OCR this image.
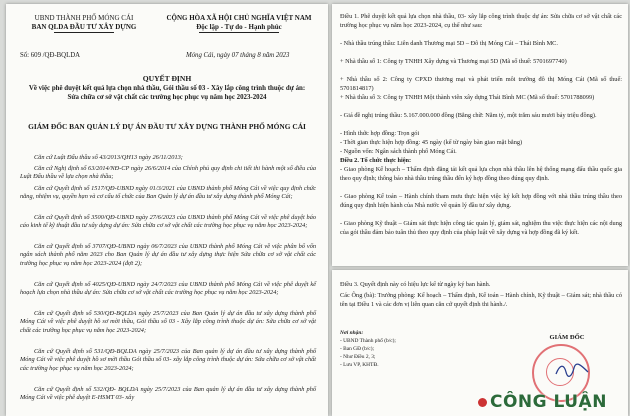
UBND THÀNH PHỐ MÓNG CÁI
BAN QLDA ĐẦU TƯ XÂY DỰNG
CỘNG HÒA XÃ HỘI CHỦ NGHĨA VIỆT NAM
Độc lập - Tự do - Hạnh phúc
Số: 609 /QĐ-BQLDA	Móng Cái, ngày 07 tháng 8 năm 2023
QUYẾT ĐỊNH
Về việc phê duyệt kết quả lựa chọn nhà thầu, Gói thầu số 03 - Xây lắp công trình thuộc dự án: Sửa chữa cơ sở vật chất các trường học phục vụ năm học 2023-2024
GIÁM ĐỐC BAN QUẢN LÝ DỰ ÁN ĐẦU TƯ XÂY DỰNG THÀNH PHỐ MÓNG CÁI
Căn cứ Luật Đấu thầu số 43/2013/QH13 ngày 26/11/2013;
Căn cứ Nghị định số 63/2014/NĐ-CP ngày 26/6/2014 của Chính phủ quy định chi tiết thi hành một số điều của Luật Đấu thầu về lựa chọn nhà thầu;
Căn cứ Quyết định số 1517/QĐ-UBND ngày 01/3/2021 của UBND thành phố Móng Cái về việc quy định chức năng, nhiệm vụ, quyền hạn và cơ cấu tổ chức của Ban Quản lý dự án đầu tư xây dựng thành phố Móng Cái;
Căn cứ Quyết định số 3500/QĐ-UBND ngày 27/6/2023 của UBND thành phố Móng Cái về việc phê duyệt báo cáo kinh tế kỹ thuật đầu tư xây dựng dự án: Sửa chữa cơ sở vật chất các trường học phục vụ năm học 2023-2024;
Căn cứ Quyết định số 3707/QĐ-UBND ngày 06/7/2023 của UBND thành phố Móng Cái về việc phân bổ vốn ngân sách thành phố năm 2023 cho Ban Quản lý dự án đầu tư xây dựng thực hiện Sửa chữa cơ sở vật chất các trường học phục vụ năm học 2023-2024 (đợt 2);
Căn cứ Quyết định số 4025/QĐ-UBND ngày 24/7/2023 của UBND thành phố Móng Cái về việc phê duyệt kế hoạch lựa chọn nhà thầu dự án: Sửa chữa cơ sở vật chất các trường học phục vụ năm học 2023-2024;
Căn cứ Quyết định số 530/QĐ-BQLDA ngày 25/7/2023 của Ban Quản lý dự án đầu tư xây dựng thành phố Móng Cái về việc phê duyệt hồ sơ mời thầu, Gói thầu số 03 - Xây lắp công trình thuộc dự án: Sửa chữa cơ sở vật chất các trường học phục vụ năm học 2023-2024;
Căn cứ Quyết định số 531/QĐ-BQLDA ngày 25/7/2023 của Ban quản lý dự án đầu tư xây dựng thành phố Móng Cái về việc phê duyệt hồ sơ mời thầu Gói thầu số 03- xây lắp công trình thuộc dự án: Sửa chữa cơ sở vật chất các trường học phục vụ năm học 2023-2024;
Căn cứ Quyết định số 532/QĐ- BQLDA ngày 25/7/2023 của Ban quản lý dự án đầu tư xây dựng thành phố Móng Cái về việc phê duyệt E-HSMT 03- xây
Điều 1. Phê duyệt kết quả lựa chọn nhà thầu, 03- xây lắp công trình thuộc dự án: Sửa chữa cơ sở vật chất các trường học phục vụ năm học 2023-2024, cụ thể như sau:
- Nhà thầu trúng thầu: Liên danh Thương mại 5D – Đô thị Móng Cái – Thái Bình MC.
+ Nhà thầu số 1: Công ty TNHH Xây dựng và Thương mại 5D (Mã số thuế: 5701697740)
+ Nhà thầu số 2: Công ty CPXD thương mại và phát triển môi trường đô thị Móng Cái (Mã số thuế: 5701814817)
+ Nhà thầu số 3: Công ty TNHH Một thành viên xây dựng Thái Bình MC (Mã số thuế: 5701788099)
- Giá đề nghị trúng thầu: 5.167.000.000 đồng (Bằng chữ: Năm tỷ, một trăm sáu mươi bảy triệu đồng).
- Hình thức hợp đồng: Trọn gói
- Thời gian thực hiện hợp đồng: 45 ngày (kể từ ngày bàn giao mặt bằng)
- Nguồn vốn: Ngân sách thành phố Móng Cái.
Điều 2. Tổ chức thực hiện:
- Giao phòng Kế hoạch – Thẩm định đăng tải kết quả lựa chọn nhà thầu lên hệ thống mạng đấu thầu quốc gia theo quy định; thông báo nhà thầu trúng thầu đến ký hợp đồng theo đúng quy định.
- Giao phòng Kế toán – Hành chính tham mưu thực hiện việc ký kết hợp đồng với nhà thầu trúng thầu theo đúng quy định hiện hành của Nhà nước về quản lý đầu tư xây dựng.
- Giao phòng Kỹ thuật – Giám sát thực hiện công tác quản lý, giám sát, nghiệm thu việc thực hiện các nội dung của gói thầu đảm bảo tuân thủ theo quy định của pháp luật về xây dựng và hợp đồng đã ký kết.
Điều 3. Quyết định này có hiệu lực kể từ ngày ký ban hành.
Các Ông (bà): Trưởng phòng: Kế hoạch – Thẩm định, Kế toán – Hành chính, Kỹ thuật – Giám sát; nhà thầu có tên tại Điều 1 và các đơn vị liên quan căn cứ quyết định thi hành./.
Nơi nhận:
- UBND Thành phố (b/c);
- Ban GĐ (b/c);
- Như Điều 2, 3;
- Lưu VP, KHTĐ.
GIÁM ĐỐC
CÔNG LUẬN
